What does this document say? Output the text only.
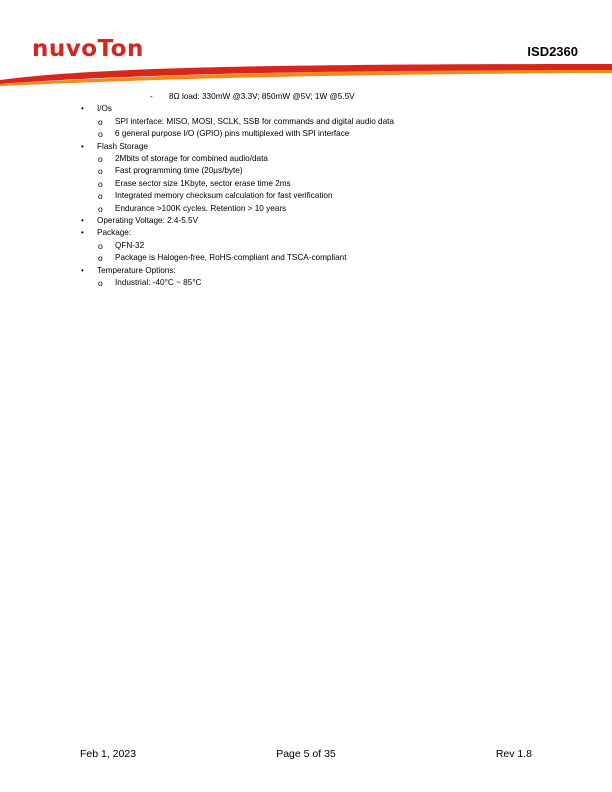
nuvoTon	ISD2360
- 8Ω load: 330mW @3.3V; 850mW @5V; 1W @5.5V
• I/Os
o SPI interface: MISO, MOSI, SCLK, SSB for commands and digital audio data
o 6 general purpose I/O (GPIO) pins multiplexed with SPI interface
• Flash Storage
o 2Mbits of storage for combined audio/data
o Fast programming time (20µs/byte)
o Erase sector size 1Kbyte, sector erase time 2ms
o Integrated memory checksum calculation for fast verification
o Endurance >100K cycles. Retention > 10 years
• Operating Voltage: 2.4-5.5V
• Package:
o QFN-32
o Package is Halogen-free, RoHS-compliant and TSCA-compliant
• Temperature Options:
o Industrial: -40°C ~ 85°C
Feb 1, 2023	Page 5 of 35	Rev 1.8
